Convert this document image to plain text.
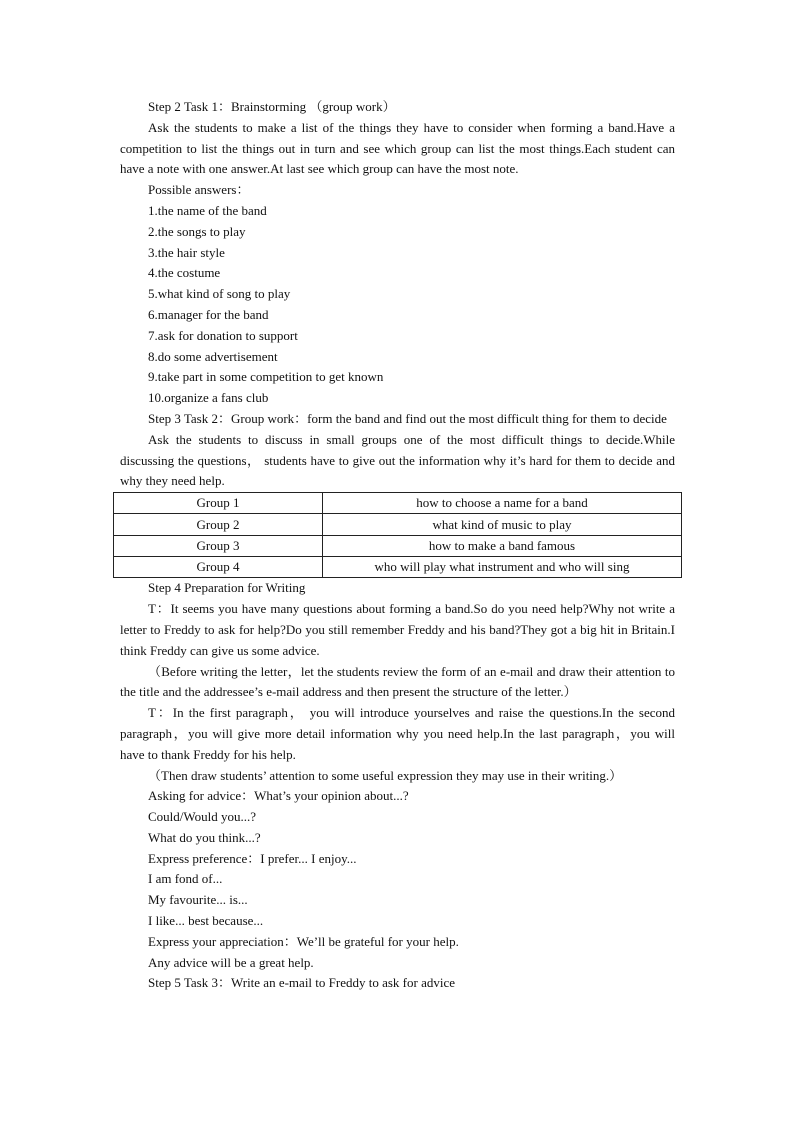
Step 2 Task 1：Brainstorming （group work）

Ask the students to make a list of the things they have to consider when forming a band.Have a competition to list the things out in turn and see which group can list the most things.Each student can have a note with one answer.At last see which group can have the most note.

Possible answers：

1.the name of the band

2.the songs to play

3.the hair style

4.the costume

5.what kind of song to play

6.manager for the band

7.ask for donation to support

8.do some advertisement

9.take part in some competition to get known

10.organize a fans club

Step 3 Task 2：Group work：form the band and find out the most difficult thing for them to decide

Ask the students to discuss in small groups one of the most difficult things to decide.While discussing the questions， students have to give out the information why it’s hard for them to decide and why they need help.

Group 1	how to choose a name for a band
Group 2	what kind of music to play
Group 3	how to make a band famous
Group 4	who will play what instrument and who will sing

Step 4 Preparation for Writing

T：It seems you have many questions about forming a band.So do you need help?Why not write a letter to Freddy to ask for help?Do you still remember Freddy and his band?They got a big hit in Britain.I think Freddy can give us some advice.

（Before writing the letter，let the students review the form of an e-mail and draw their attention to the title and the addressee’s e-mail address and then present the structure of the letter.）

T：In the first paragraph， you will introduce yourselves and raise the questions.In the second paragraph，you will give more detail information why you need help.In the last paragraph，you will have to thank Freddy for his help.

（Then draw students’ attention to some useful expression they may use in their writing.）

Asking for advice：What’s your opinion about...?

Could/Would you...?

What do you think...?

Express preference：I prefer... I enjoy...

I am fond of...

My favourite... is...

I like... best because...

Express your appreciation：We’ll be grateful for your help.

Any advice will be a great help.

Step 5 Task 3：Write an e-mail to Freddy to ask for advice
